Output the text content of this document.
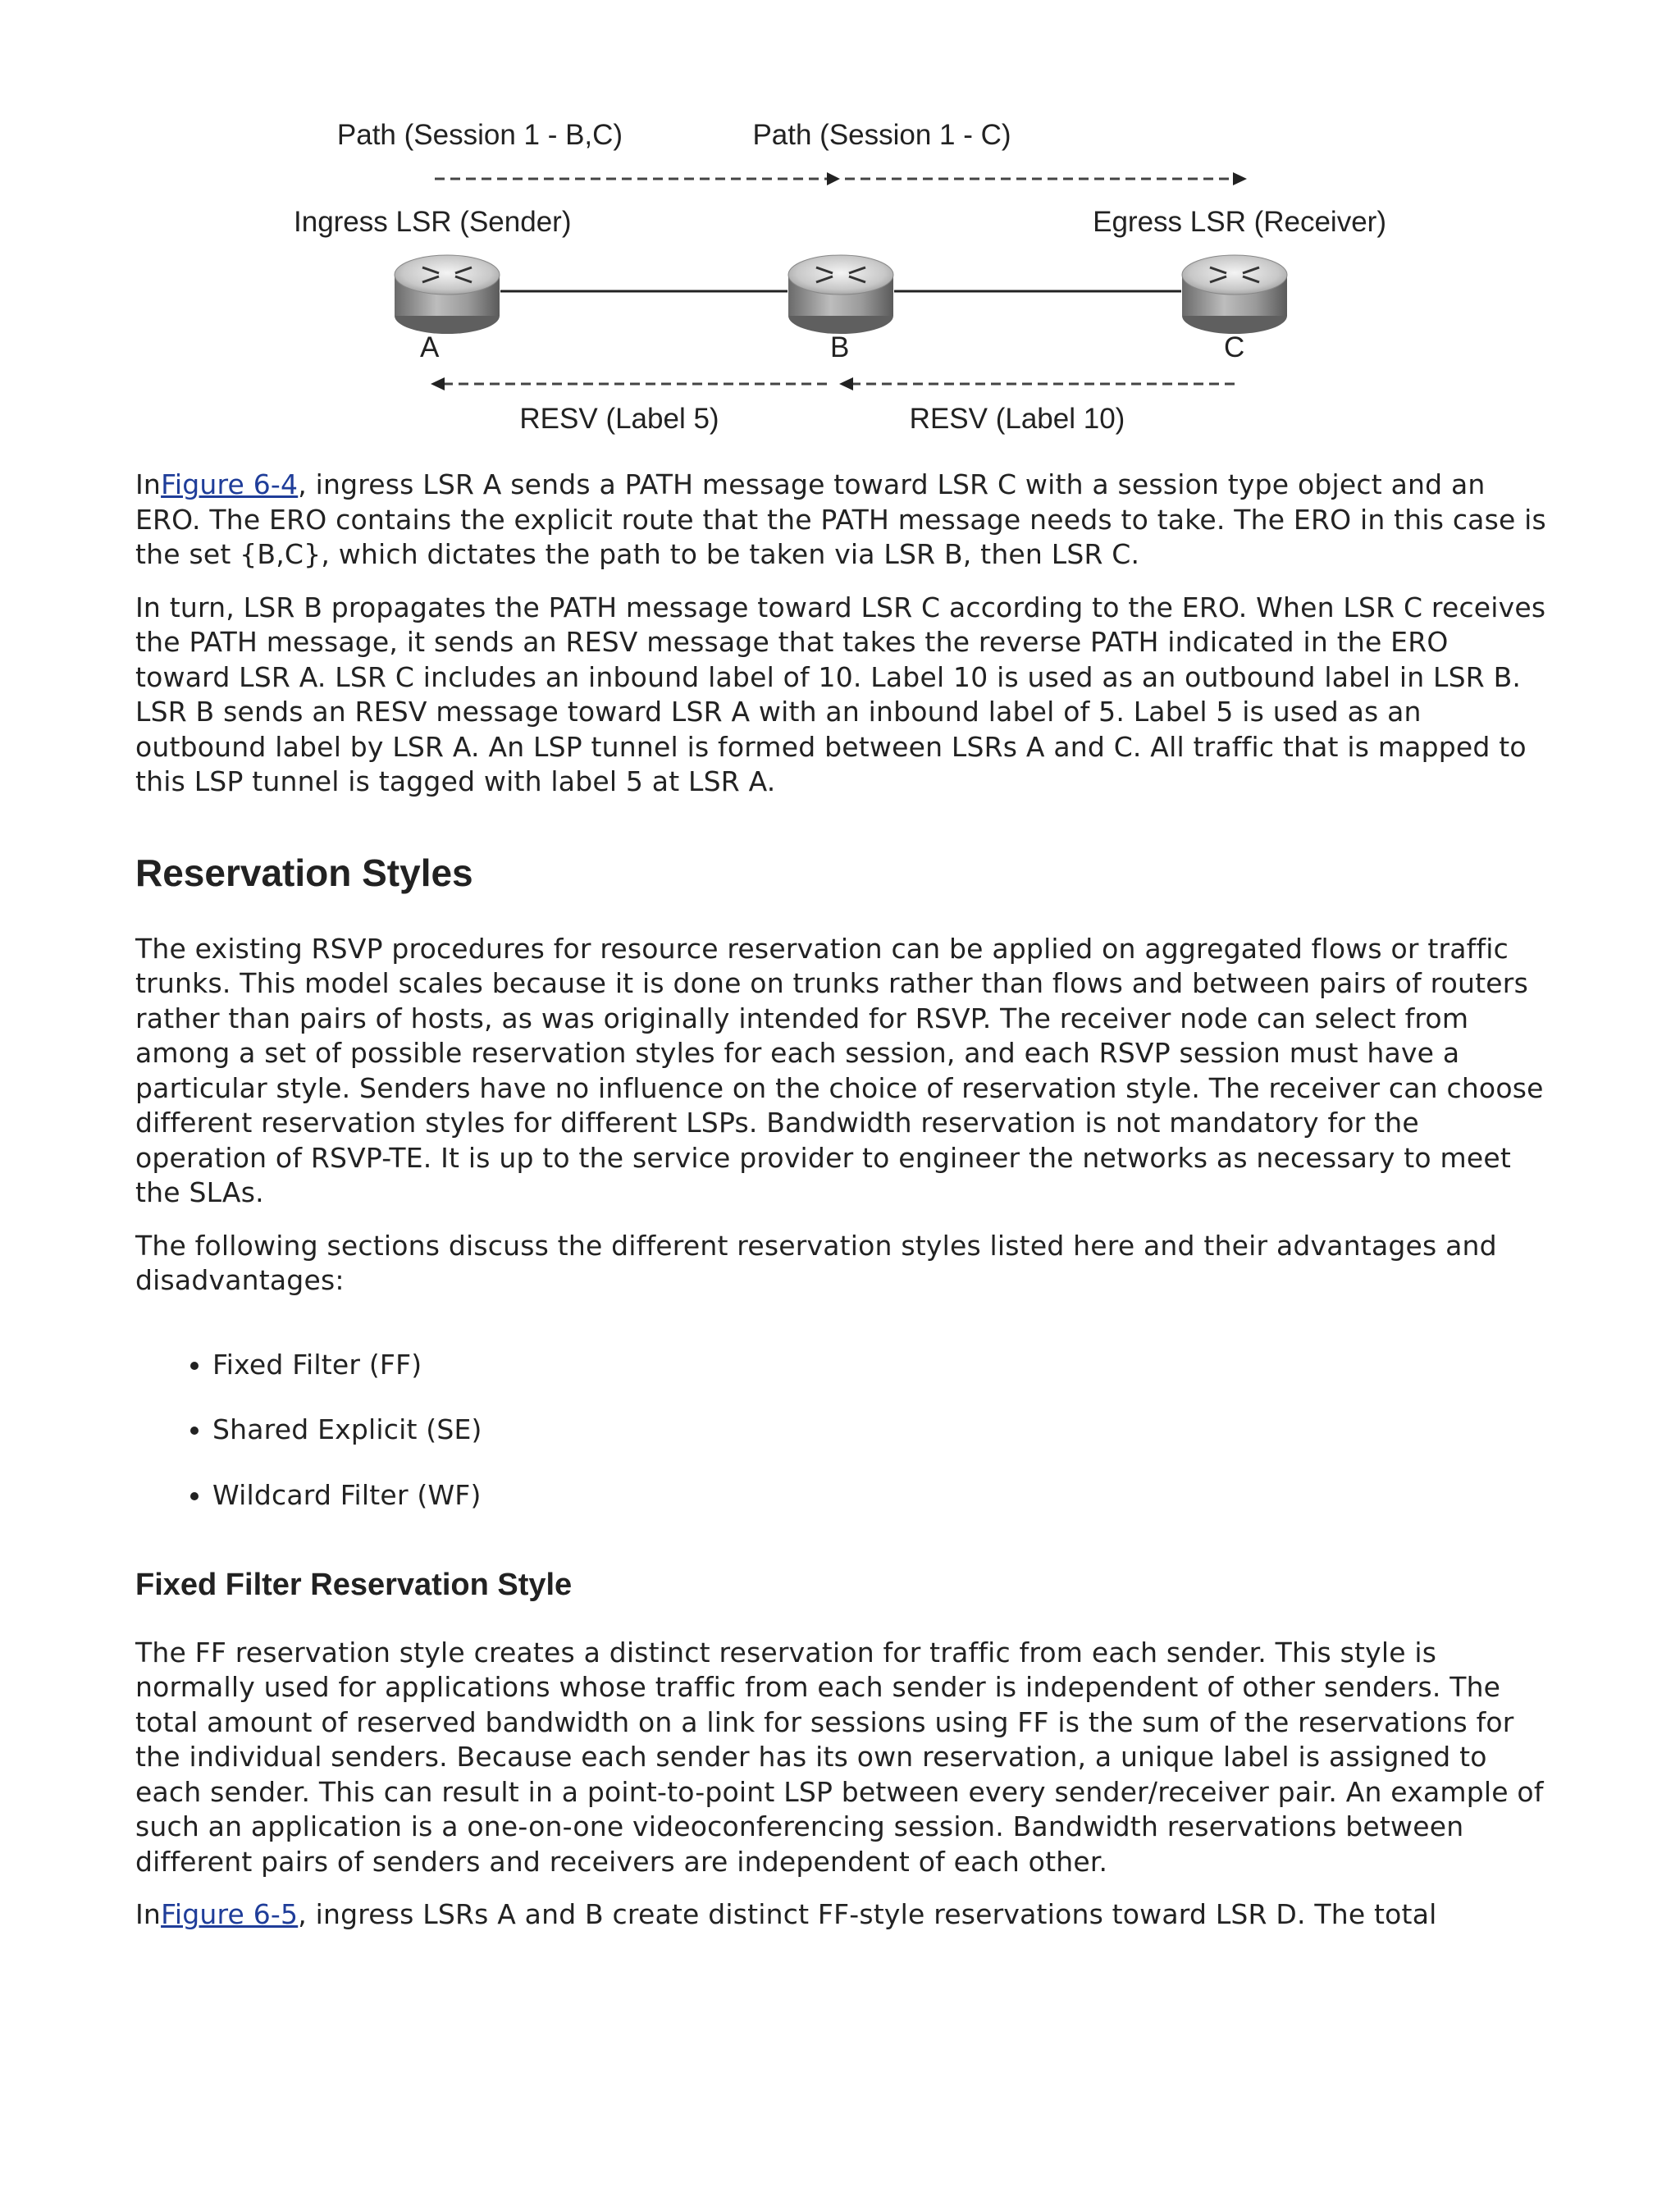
Path (Session 1 - B,C)	Path (Session 1 - C)
Ingress LSR (Sender)	Egress LSR (Receiver)
A	B	C
RESV (Label 5)	RESV (Label 10)

InFigure 6-4, ingress LSR A sends a PATH message toward LSR C with a session type object and an ERO. The ERO contains the explicit route that the PATH message needs to take. The ERO in this case is the set {B,C}, which dictates the path to be taken via LSR B, then LSR C.

In turn, LSR B propagates the PATH message toward LSR C according to the ERO. When LSR C receives the PATH message, it sends an RESV message that takes the reverse PATH indicated in the ERO toward LSR A. LSR C includes an inbound label of 10. Label 10 is used as an outbound label in LSR B. LSR B sends an RESV message toward LSR A with an inbound label of 5. Label 5 is used as an outbound label by LSR A. An LSP tunnel is formed between LSRs A and C. All traffic that is mapped to this LSP tunnel is tagged with label 5 at LSR A.

Reservation Styles

The existing RSVP procedures for resource reservation can be applied on aggregated flows or traffic trunks. This model scales because it is done on trunks rather than flows and between pairs of routers rather than pairs of hosts, as was originally intended for RSVP. The receiver node can select from among a set of possible reservation styles for each session, and each RSVP session must have a particular style. Senders have no influence on the choice of reservation style. The receiver can choose different reservation styles for different LSPs. Bandwidth reservation is not mandatory for the operation of RSVP-TE. It is up to the service provider to engineer the networks as necessary to meet the SLAs.

The following sections discuss the different reservation styles listed here and their advantages and disadvantages:

• Fixed Filter (FF)
• Shared Explicit (SE)
• Wildcard Filter (WF)
Fixed Filter Reservation Style

The FF reservation style creates a distinct reservation for traffic from each sender. This style is normally used for applications whose traffic from each sender is independent of other senders. The total amount of reserved bandwidth on a link for sessions using FF is the sum of the reservations for the individual senders. Because each sender has its own reservation, a unique label is assigned to each sender. This can result in a point-to-point LSP between every sender/receiver pair. An example of such an application is a one-on-one videoconferencing session. Bandwidth reservations between different pairs of senders and receivers are independent of each other.

InFigure 6-5, ingress LSRs A and B create distinct FF-style reservations toward LSR D. The total
